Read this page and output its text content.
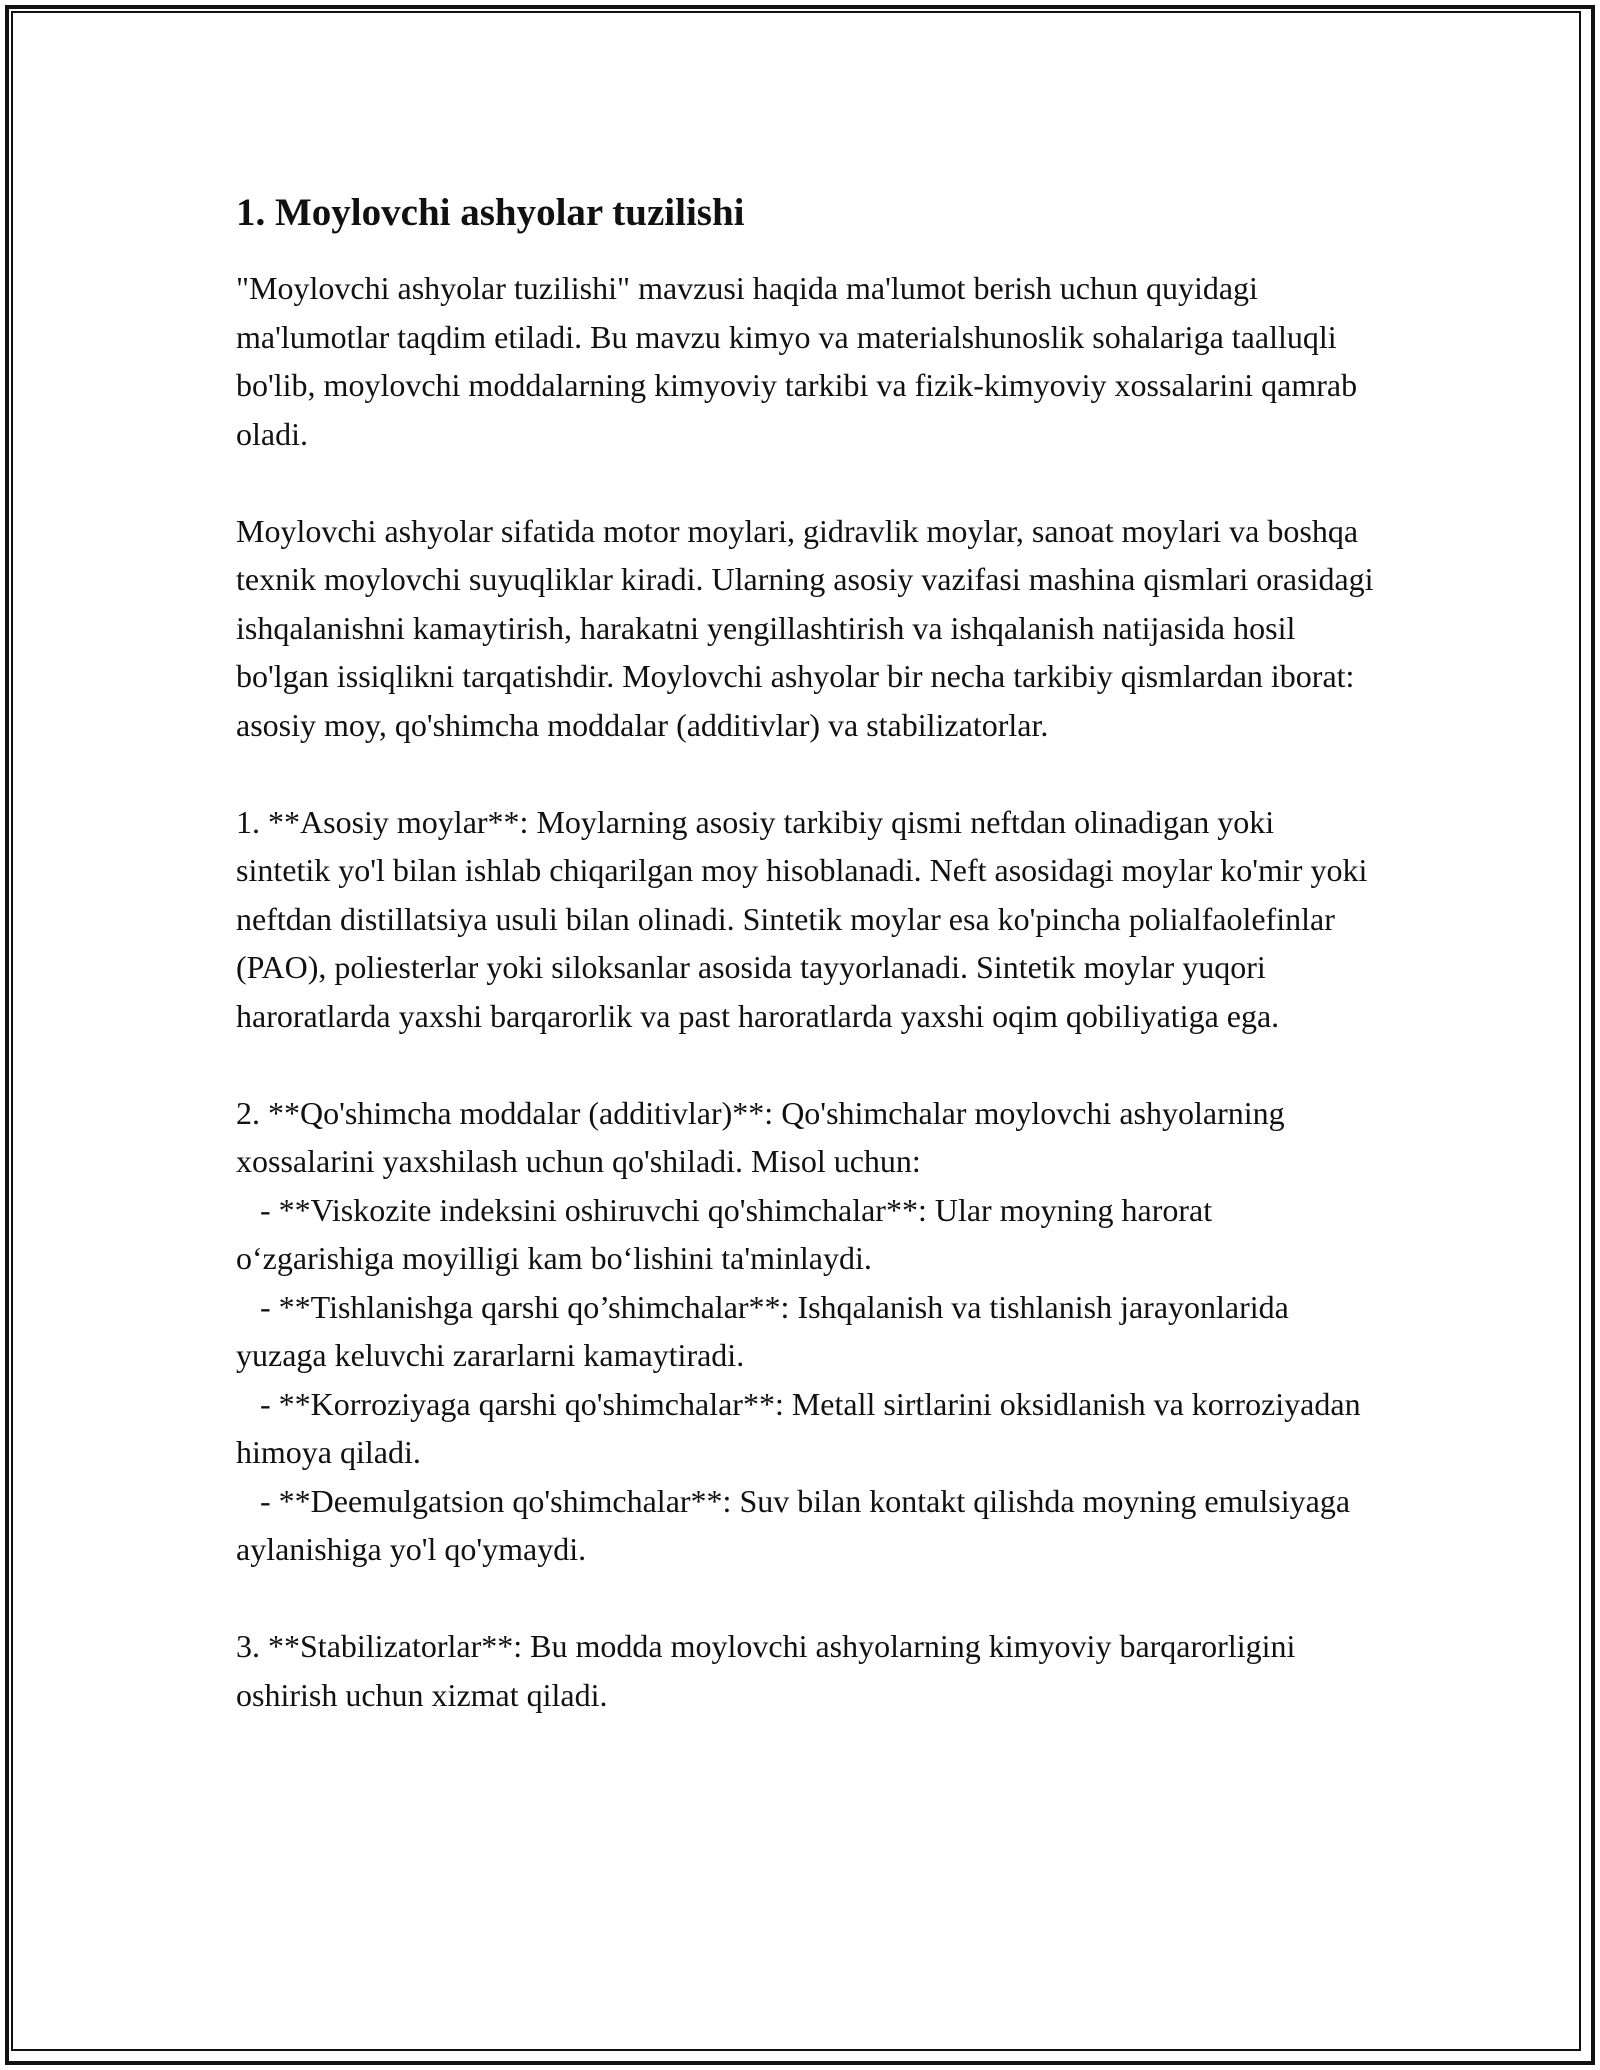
1. Moylovchi ashyolar tuzilishi
"Moylovchi ashyolar tuzilishi" mavzusi haqida ma'lumot berish uchun quyidagi ma'lumotlar taqdim etiladi. Bu mavzu kimyo va materialshunoslik sohalariga taalluqli bo'lib, moylovchi moddalarning kimyoviy tarkibi va fizik-kimyoviy xossalarini qamrab oladi.
Moylovchi ashyolar sifatida motor moylari, gidravlik moylar, sanoat moylari va boshqa texnik moylovchi suyuqliklar kiradi. Ularning asosiy vazifasi mashina qismlari orasidagi ishqalanishni kamaytirish, harakatni yengillashtirish va ishqalanish natijasida hosil bo'lgan issiqlikni tarqatishdir. Moylovchi ashyolar bir necha tarkibiy qismlardan iborat: asosiy moy, qo'shimcha moddalar (additivlar) va stabilizatorlar.
1. **Asosiy moylar**: Moylarning asosiy tarkibiy qismi neftdan olinadigan yoki sintetik yo'l bilan ishlab chiqarilgan moy hisoblanadi. Neft asosidagi moylar ko'mir yoki neftdan distillatsiya usuli bilan olinadi. Sintetik moylar esa ko'pincha polialfaolefinlar (PAO), poliesterlar yoki siloksanlar asosida tayyorlanadi. Sintetik moylar yuqori haroratlarda yaxshi barqarorlik va past haroratlarda yaxshi oqim qobiliyatiga ega.
2. **Qo'shimcha moddalar (additivlar)**: Qo'shimchalar moylovchi ashyolarning xossalarini yaxshilash uchun qo'shiladi. Misol uchun:
- **Viskozite indeksini oshiruvchi qo'shimchalar**: Ular moyning harorat o‘zgarishiga moyilligi kam bo‘lishini ta'minlaydi.
- **Tishlanishga qarshi qo’shimchalar**: Ishqalanish va tishlanish jarayonlarida yuzaga keluvchi zararlarni kamaytiradi.
- **Korroziyaga qarshi qo'shimchalar**: Metall sirtlarini oksidlanish va korroziyadan himoya qiladi.
- **Deemulgatsion qo'shimchalar**: Suv bilan kontakt qilishda moyning emulsiyaga aylanishiga yo'l qo'ymaydi.
3. **Stabilizatorlar**: Bu modda moylovchi ashyolarning kimyoviy barqarorligini oshirish uchun xizmat qiladi.
